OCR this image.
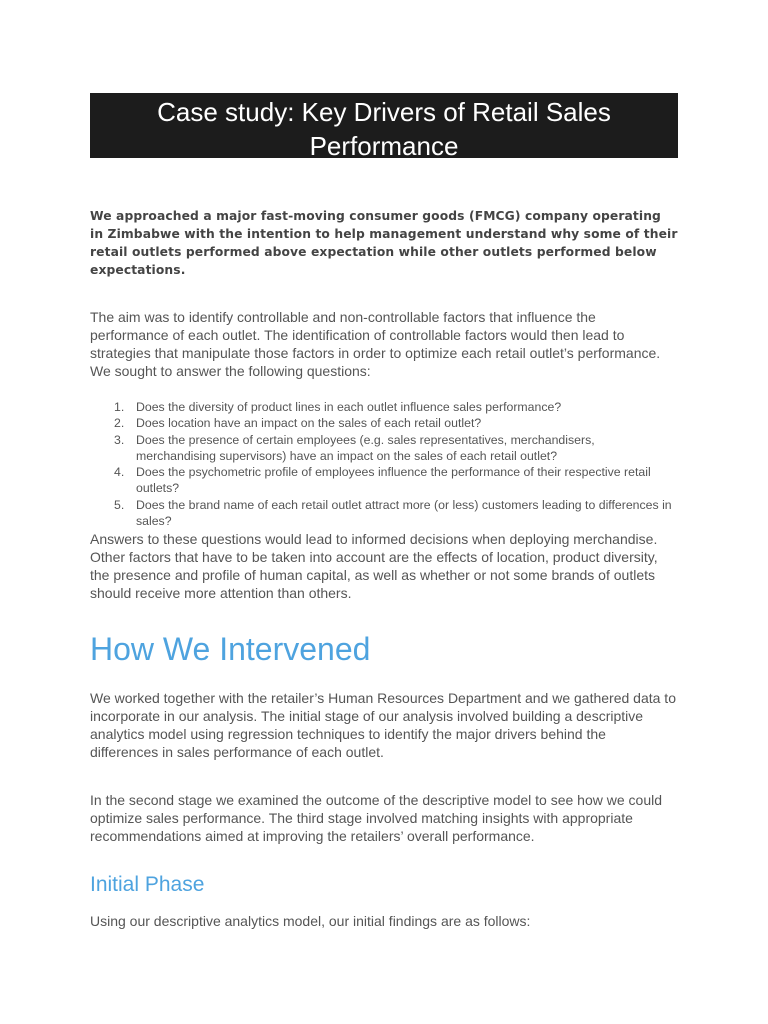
Case study: Key Drivers of Retail Sales Performance

We approached a major fast-moving consumer goods (FMCG) company operating in Zimbabwe with the intention to help management understand why some of their retail outlets performed above expectation while other outlets performed below expectations.

The aim was to identify controllable and non-controllable factors that influence the performance of each outlet. The identification of controllable factors would then lead to strategies that manipulate those factors in order to optimize each retail outlet’s performance. We sought to answer the following questions:

1. Does the diversity of product lines in each outlet influence sales performance?
2. Does location have an impact on the sales of each retail outlet?
3. Does the presence of certain employees (e.g. sales representatives, merchandisers, merchandising supervisors) have an impact on the sales of each retail outlet?
4. Does the psychometric profile of employees influence the performance of their respective retail outlets?
5. Does the brand name of each retail outlet attract more (or less) customers leading to differences in sales?

Answers to these questions would lead to informed decisions when deploying merchandise. Other factors that have to be taken into account are the effects of location, product diversity, the presence and profile of human capital, as well as whether or not some brands of outlets should receive more attention than others.

How We Intervened

We worked together with the retailer’s Human Resources Department and we gathered data to incorporate in our analysis. The initial stage of our analysis involved building a descriptive analytics model using regression techniques to identify the major drivers behind the differences in sales performance of each outlet.

In the second stage we examined the outcome of the descriptive model to see how we could optimize sales performance. The third stage involved matching insights with appropriate recommendations aimed at improving the retailers’ overall performance.

Initial Phase

Using our descriptive analytics model, our initial findings are as follows:
